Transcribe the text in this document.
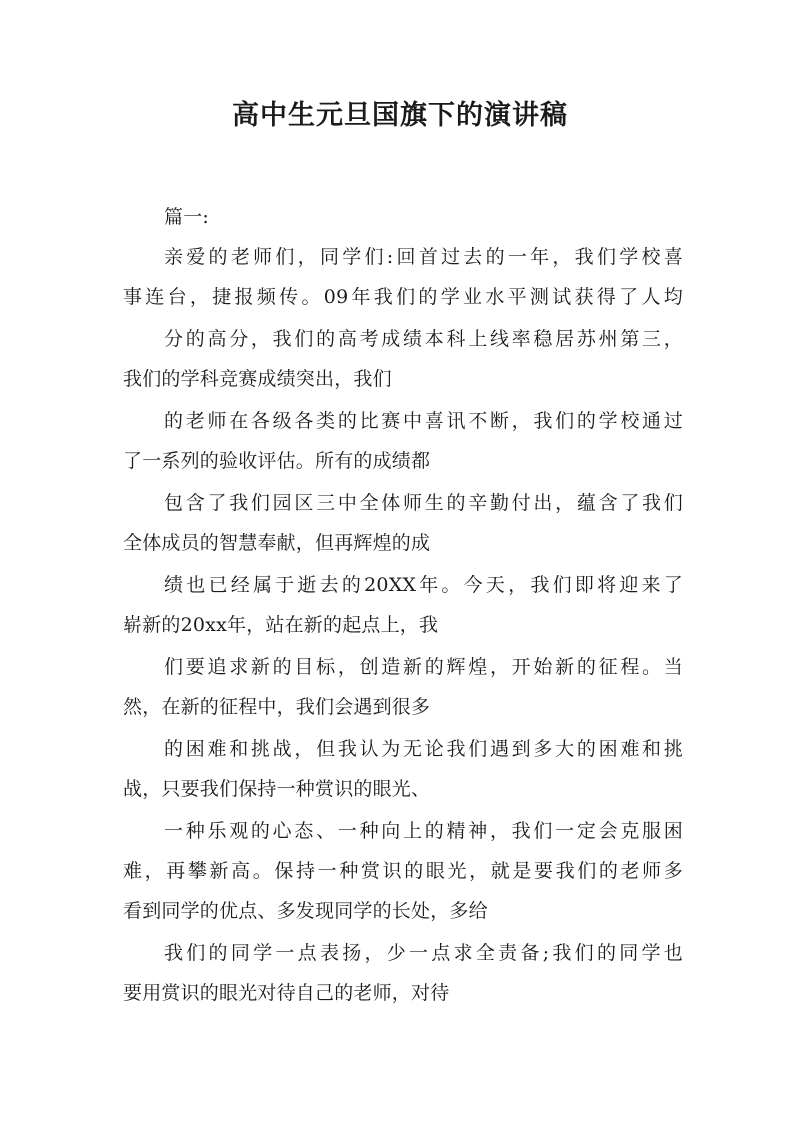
高中生元旦国旗下的演讲稿
篇一:
亲爱的老师们，同学们:回首过去的一年，我们学校喜
事连台，捷报频传。09年我们的学业水平测试获得了人均
分的高分，我们的高考成绩本科上线率稳居苏州第三，
我们的学科竞赛成绩突出，我们
的老师在各级各类的比赛中喜讯不断，我们的学校通过
了一系列的验收评估。所有的成绩都
包含了我们园区三中全体师生的辛勤付出，蕴含了我们
全体成员的智慧奉献，但再辉煌的成
绩也已经属于逝去的20XX年。今天，我们即将迎来了
崭新的20xx年，站在新的起点上，我
们要追求新的目标，创造新的辉煌，开始新的征程。当
然，在新的征程中，我们会遇到很多
的困难和挑战，但我认为无论我们遇到多大的困难和挑
战，只要我们保持一种赏识的眼光、
一种乐观的心态、一种向上的精神，我们一定会克服困
难，再攀新高。保持一种赏识的眼光，就是要我们的老师多
看到同学的优点、多发现同学的长处，多给
我们的同学一点表扬，少一点求全责备;我们的同学也
要用赏识的眼光对待自己的老师，对待
